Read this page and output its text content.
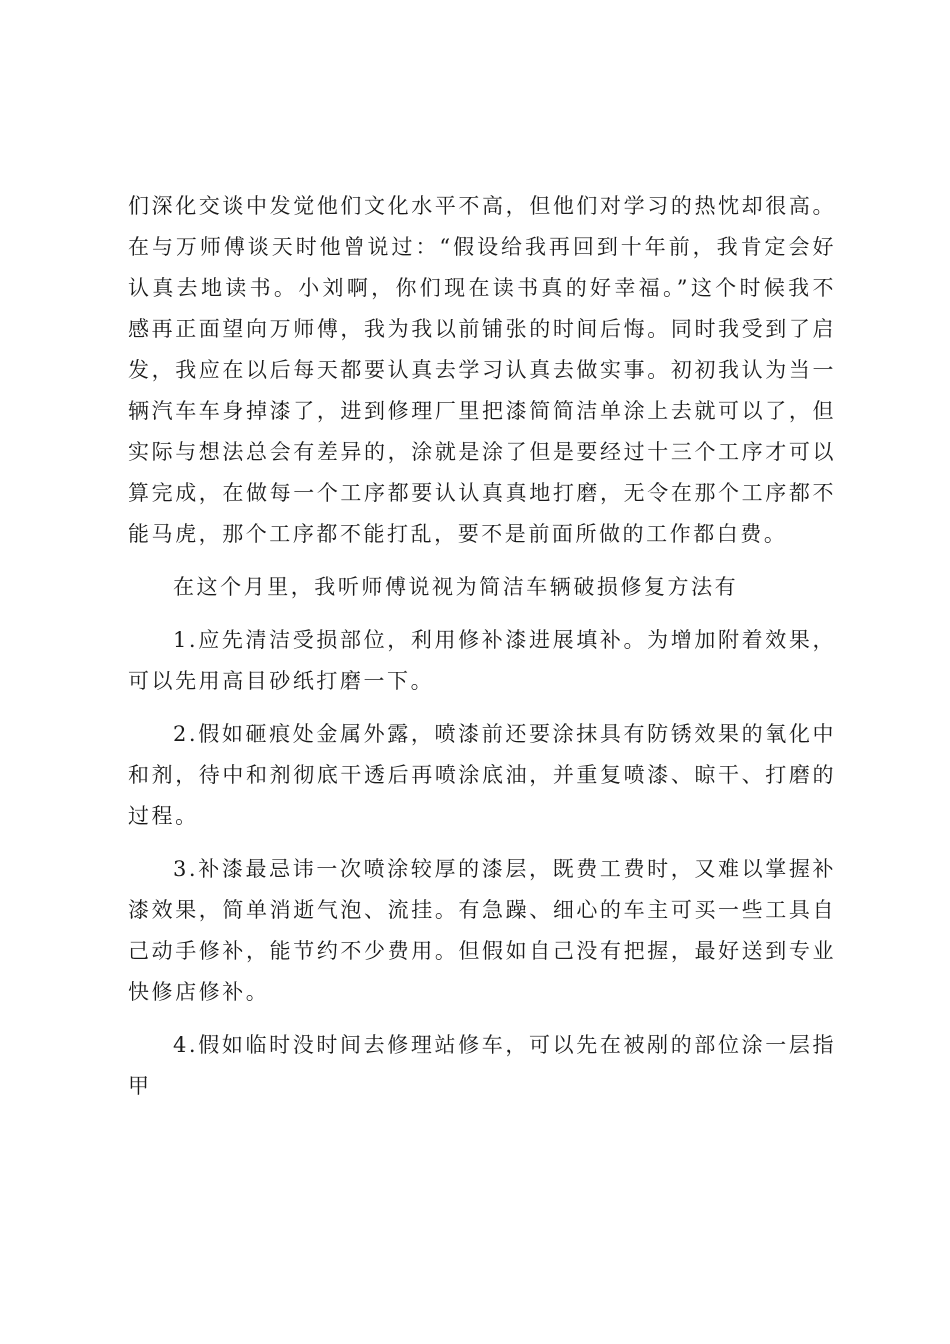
们深化交谈中发觉他们文化水平不高，但他们对学习的热忱却很高。在与万师傅谈天时他曾说过：“假设给我再回到十年前，我肯定会好认真去地读书。小刘啊，你们现在读书真的好幸福。”这个时候我不感再正面望向万师傅，我为我以前铺张的时间后悔。同时我受到了启发，我应在以后每天都要认真去学习认真去做实事。初初我认为当一辆汽车车身掉漆了，进到修理厂里把漆简简洁单涂上去就可以了，但实际与想法总会有差异的，涂就是涂了但是要经过十三个工序才可以算完成，在做每一个工序都要认认真真地打磨，无令在那个工序都不能马虎，那个工序都不能打乱，要不是前面所做的工作都白费。

在这个月里，我听师傅说视为简洁车辆破损修复方法有

1.应先清洁受损部位，利用修补漆进展填补。为增加附着效果，可以先用高目砂纸打磨一下。

2.假如砸痕处金属外露，喷漆前还要涂抹具有防锈效果的氧化中和剂，待中和剂彻底干透后再喷涂底油，并重复喷漆、晾干、打磨的过程。

3.补漆最忌讳一次喷涂较厚的漆层，既费工费时，又难以掌握补漆效果，简单消逝气泡、流挂。有急躁、细心的车主可买一些工具自己动手修补，能节约不少费用。但假如自己没有把握，最好送到专业快修店修补。

4.假如临时没时间去修理站修车，可以先在被剐的部位涂一层指甲
